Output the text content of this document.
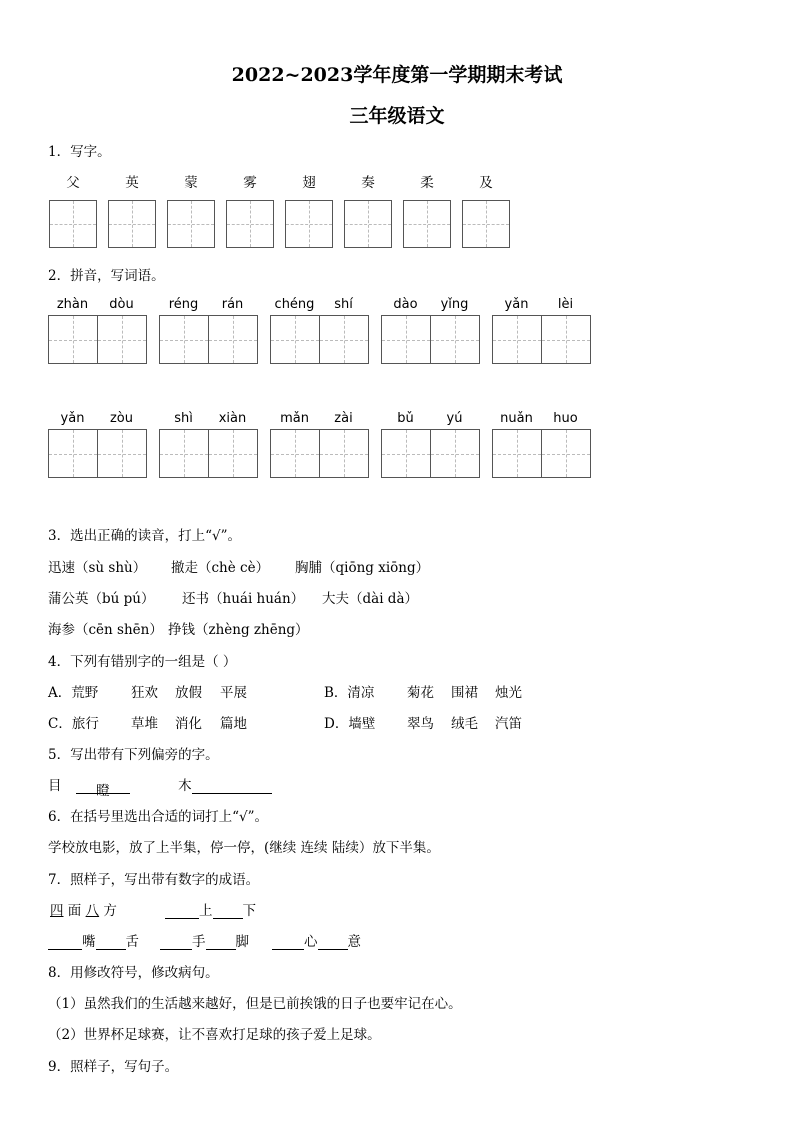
2022~2023学年度第一学期期末考试
三年级语文
1．写字。
父	英	蒙	雾	翅	奏	柔	及
2．拼音，写词语。
zhàn	dòu	réng	rán	chéng	shí	dào	yǐng	yǎn	lèi
yǎn	zòu	shì	xiàn	mǎn	zài	bǔ	yú	nuǎn	huo
3．选出正确的读音，打上“√”。
迅速（sù shù） 撤走（chè cè） 胸脯（qiōng xiōng）
蒲公英（bú pú） 还书（huái huán） 大夫（dài dà）
海参（cēn shēn） 挣钱（zhèng zhēng）
4．下列有错别字的一组是（ ）
A．荒野 狂欢 放假 平展	B．清凉 菊花 围裙 烛光
C．旅行 草堆 消化 篇地	D．墙壁 翠鸟 绒毛 汽笛
5．写出带有下列偏旁的字。
目	瞪	木
6．在括号里选出合适的词打上“√”。
学校放电影，放了上半集，停一停，(继续 连续 陆续）放下半集。
7．照样子，写出带有数字的成语。
四 面 八 方	上 下
嘴 舌	手 脚	心 意
8．用修改符号，修改病句。
（1）虽然我们的生活越来越好，但是已前挨饿的日子也要牢记在心。
（2）世界杯足球赛，让不喜欢打足球的孩子爱上足球。
9．照样子，写句子。
